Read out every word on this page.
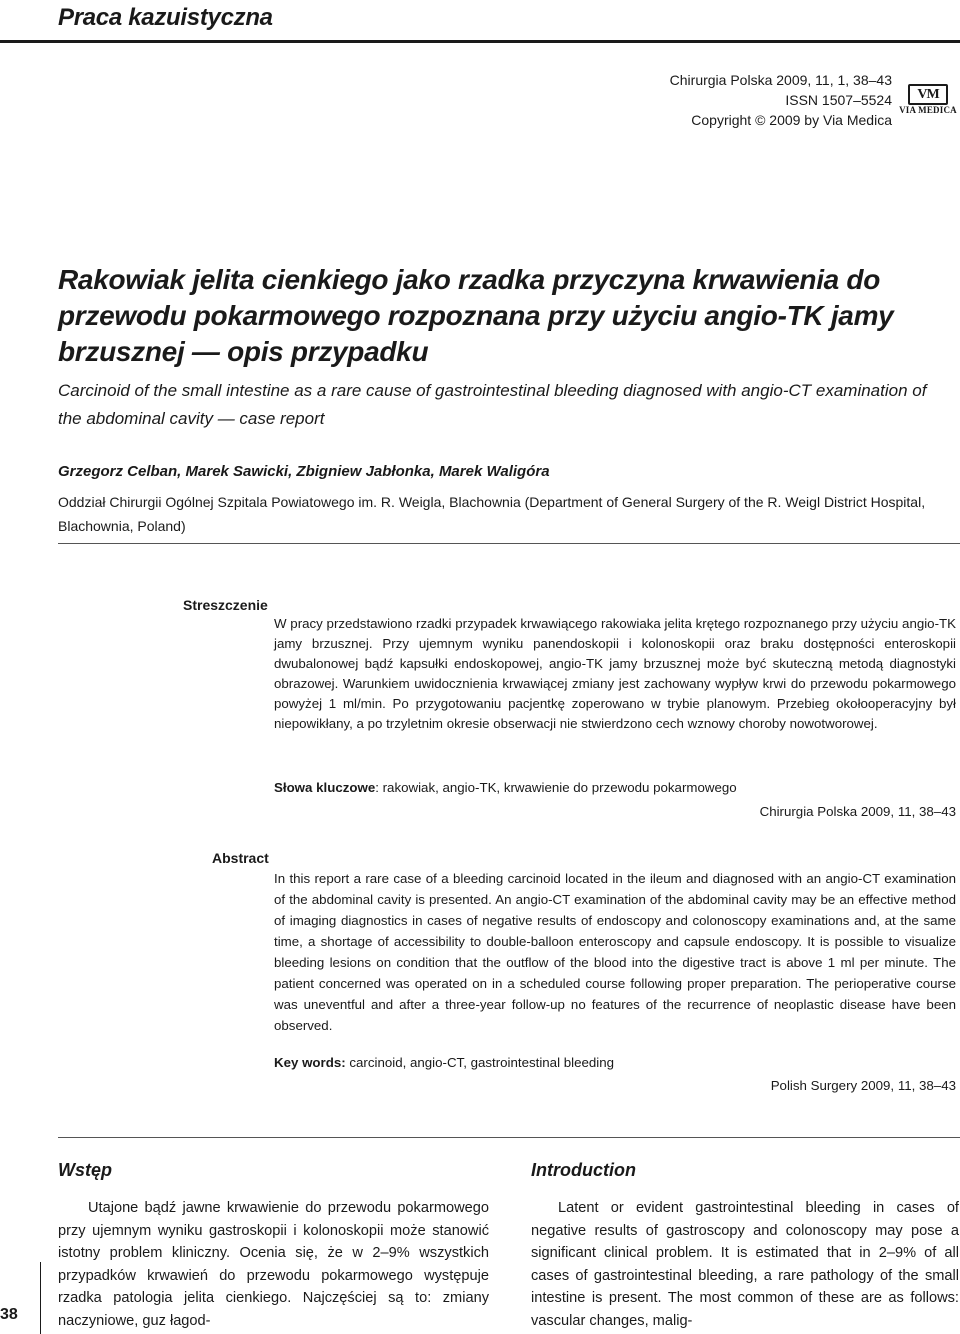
Praca kazuistyczna
Chirurgia Polska 2009, 11, 1, 38–43
ISSN 1507–5524
Copyright © 2009 by Via Medica
VM
VIA MEDICA
Rakowiak jelita cienkiego jako rzadka przyczyna krwawienia do przewodu pokarmowego rozpoznana przy użyciu angio-TK jamy brzusznej — opis przypadku
Carcinoid of the small intestine as a rare cause of gastrointestinal bleeding diagnosed with angio-CT examination of the abdominal cavity — case report
Grzegorz Celban, Marek Sawicki, Zbigniew Jabłonka, Marek Waligóra
Oddział Chirurgii Ogólnej Szpitala Powiatowego im. R. Weigla, Blachownia (Department of General Surgery of the R. Weigl District Hospital, Blachownia, Poland)
Streszczenie
W pracy przedstawiono rzadki przypadek krwawiącego rakowiaka jelita krętego rozpoznanego przy użyciu angio-TK jamy brzusznej. Przy ujemnym wyniku panendoskopii i kolonoskopii oraz braku dostępności enteroskopii dwubalonowej bądź kapsułki endoskopowej, angio-TK jamy brzusznej może być skuteczną metodą diagnostyki obrazowej. Warunkiem uwidocznienia krwawiącej zmiany jest zachowany wypływ krwi do przewodu pokarmowego powyżej 1 ml/min. Po przygotowaniu pacjentkę zoperowano w trybie planowym. Przebieg okołooperacyjny był niepowikłany, a po trzyletnim okresie obserwacji nie stwierdzono cech wznowy choroby nowotworowej.
Słowa kluczowe: rakowiak, angio-TK, krwawienie do przewodu pokarmowego
Chirurgia Polska 2009, 11, 38–43
Abstract
In this report a rare case of a bleeding carcinoid located in the ileum and diagnosed with an angio-CT examination of the abdominal cavity is presented. An angio-CT examination of the abdominal cavity may be an effective method of imaging diagnostics in cases of negative results of endoscopy and colonoscopy examinations and, at the same time, a shortage of accessibility to double-balloon enteroscopy and capsule endoscopy. It is possible to visualize bleeding lesions on condition that the outflow of the blood into the digestive tract is above 1 ml per minute. The patient concerned was operated on in a scheduled course following proper preparation. The perioperative course was uneventful and after a three-year follow-up no features of the recurrence of neoplastic disease have been observed.
Key words: carcinoid, angio-CT, gastrointestinal bleeding
Polish Surgery 2009, 11, 38–43
Wstęp	Introduction
Utajone bądź jawne krwawienie do przewodu pokarmowego przy ujemnym wyniku gastroskopii i kolonoskopii może stanowić istotny problem kliniczny. Ocenia się, że w 2–9% wszystkich przypadków krwawień do przewodu pokarmowego występuje rzadka patologia jelita cienkiego. Najczęściej są to: zmiany naczyniowe, guz łagod-
Latent or evident gastrointestinal bleeding in cases of negative results of gastroscopy and colonoscopy may pose a significant clinical problem. It is estimated that in 2–9% of all cases of gastrointestinal bleeding, a rare pathology of the small intestine is present. The most common of these are as follows: vascular changes, malig-
38
